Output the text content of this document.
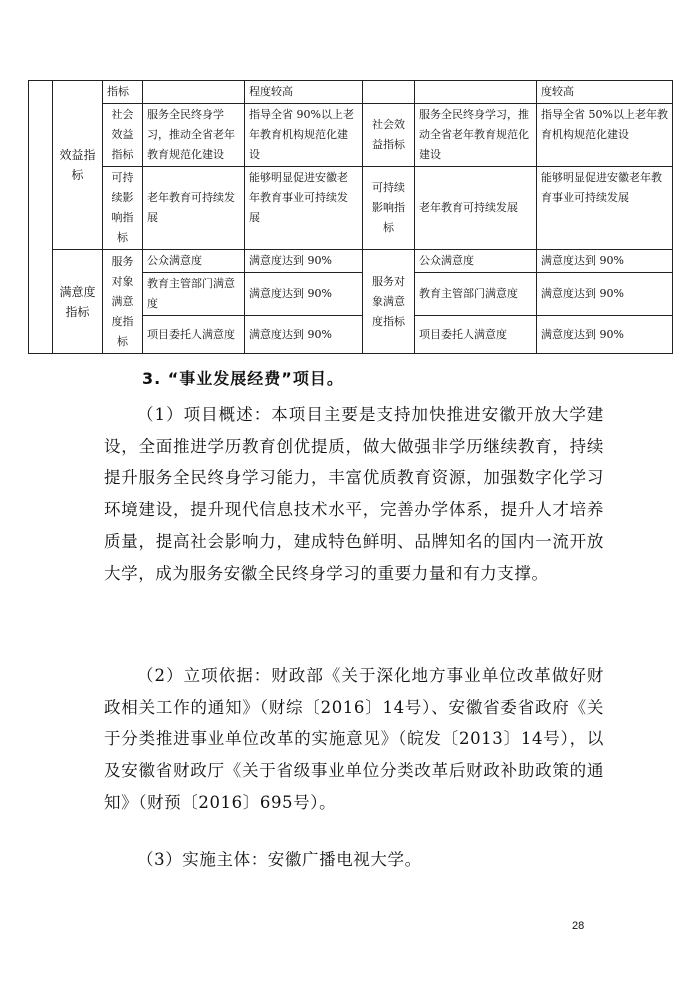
	效益指标	指标		程度较高			度较高
		社会效益指标	服务全民终身学习，推动全省老年教育规范化建设	指导全省 90%以上老年教育机构规范化建设	社会效益指标	服务全民终身学习，推动全省老年教育规范化建设	指导全省 50%以上老年教育机构规范化建设
		可持续影响指标	老年教育可持续发展	能够明显促进安徽老年教育事业可持续发展	可持续影响指标	老年教育可持续发展	能够明显促进安徽老年教育事业可持续发展
	满意度指标	服务对象满意度指标	公众满意度	满意度达到 90%	服务对象满意度指标	公众满意度	满意度达到 90%
			教育主管部门满意度	满意度达到 90%		教育主管部门满意度	满意度达到 90%
			项目委托人满意度	满意度达到 90%		项目委托人满意度	满意度达到 90%
3. “事业发展经费”项目。

（1）项目概述：本项目主要是支持加快推进安徽开放大学建设，全面推进学历教育创优提质，做大做强非学历继续教育，持续提升服务全民终身学习能力，丰富优质教育资源，加强数字化学习环境建设，提升现代信息技术水平，完善办学体系，提升人才培养质量，提高社会影响力，建成特色鲜明、品牌知名的国内一流开放大学，成为服务安徽全民终身学习的重要力量和有力支撑。

（2）立项依据：财政部《关于深化地方事业单位改革做好财政相关工作的通知》（财综〔2016〕14号）、安徽省委省政府《关于分类推进事业单位改革的实施意见》（皖发〔2013〕14号），以及安徽省财政厅《关于省级事业单位分类改革后财政补助政策的通知》（财预〔2016〕695号）。

（3）实施主体：安徽广播电视大学。

28
